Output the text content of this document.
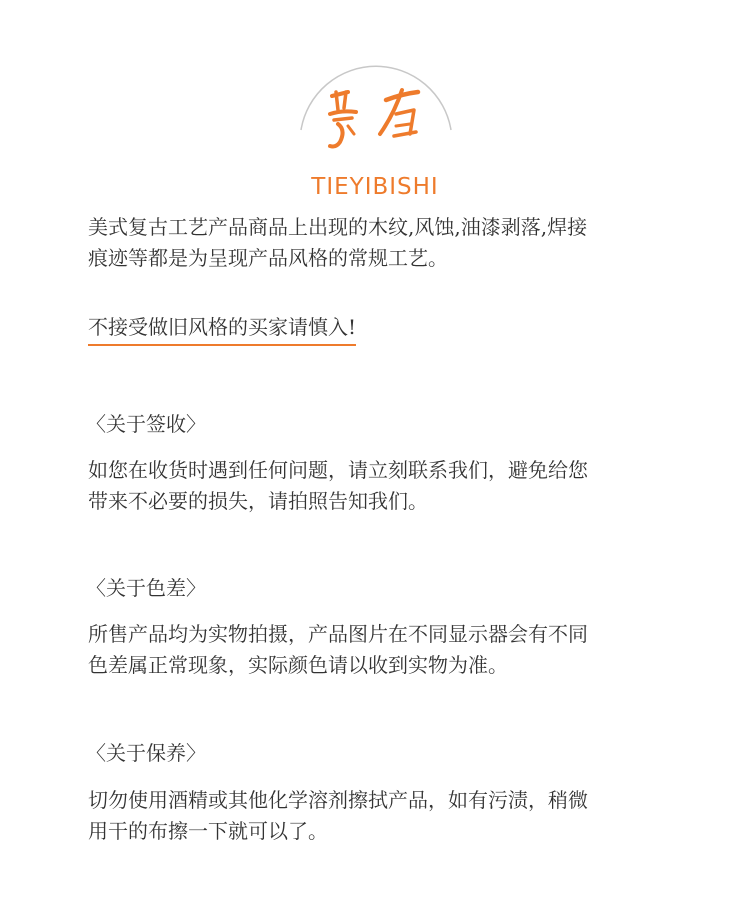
TIEYIBISHI

美式复古工艺产品商品上出现的木纹,风蚀,油漆剥落,焊接
痕迹等都是为呈现产品风格的常规工艺。

不接受做旧风格的买家请慎入!
〈关于签收〉

如您在收货时遇到任何问题，请立刻联系我们，避免给您
带来不必要的损失，请拍照告知我们。

〈关于色差〉

所售产品均为实物拍摄，产品图片在不同显示器会有不同
色差属正常现象，实际颜色请以收到实物为准。

〈关于保养〉

切勿使用酒精或其他化学溶剂擦拭产品，如有污渍，稍微
用干的布擦一下就可以了。
